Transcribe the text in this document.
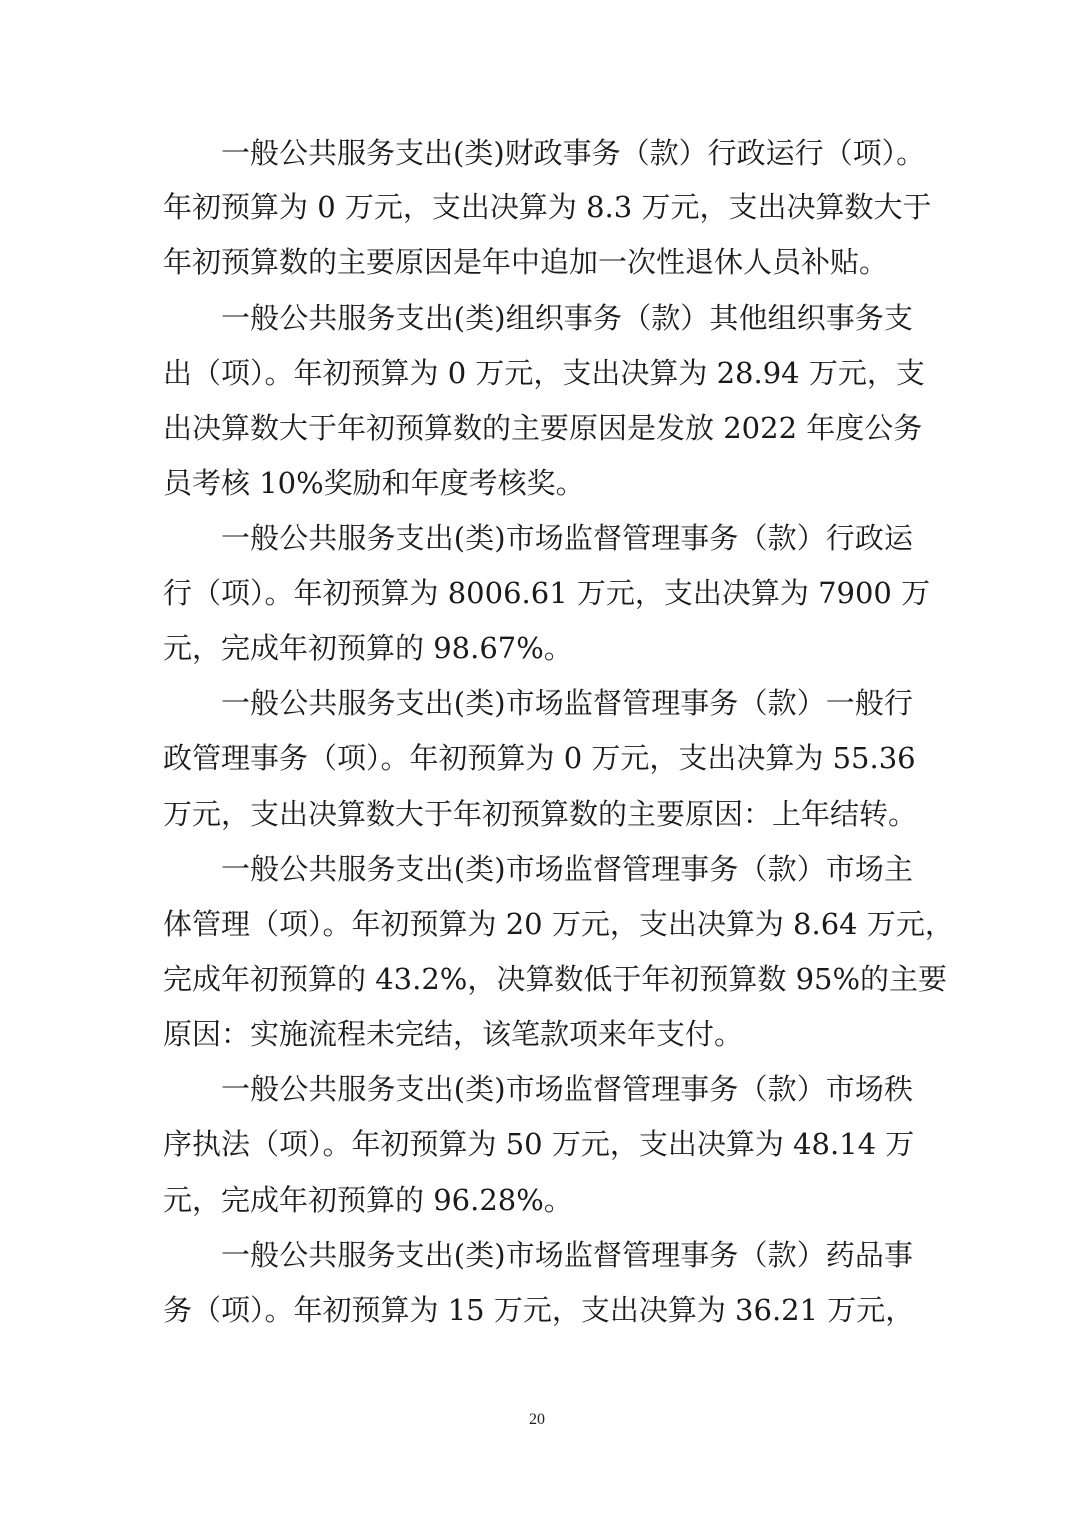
一般公共服务支出(类)财政事务（款）行政运行（项）。
年初预算为 0 万元，支出决算为 8.3 万元，支出决算数大于
年初预算数的主要原因是年中追加一次性退休人员补贴。
一般公共服务支出(类)组织事务（款）其他组织事务支
出（项）。年初预算为 0 万元，支出决算为 28.94 万元，支
出决算数大于年初预算数的主要原因是发放 2022 年度公务
员考核 10%奖励和年度考核奖。
一般公共服务支出(类)市场监督管理事务（款）行政运
行（项）。年初预算为 8006.61 万元，支出决算为 7900 万
元，完成年初预算的 98.67%。
一般公共服务支出(类)市场监督管理事务（款）一般行
政管理事务（项）。年初预算为 0 万元，支出决算为 55.36
万元，支出决算数大于年初预算数的主要原因：上年结转。
一般公共服务支出(类)市场监督管理事务（款）市场主
体管理（项）。年初预算为 20 万元，支出决算为 8.64 万元，
完成年初预算的 43.2%，决算数低于年初预算数 95%的主要
原因：实施流程未完结，该笔款项来年支付。
一般公共服务支出(类)市场监督管理事务（款）市场秩
序执法（项）。年初预算为 50 万元，支出决算为 48.14 万
元，完成年初预算的 96.28%。
一般公共服务支出(类)市场监督管理事务（款）药品事
务（项）。年初预算为 15 万元，支出决算为 36.21 万元，
20
